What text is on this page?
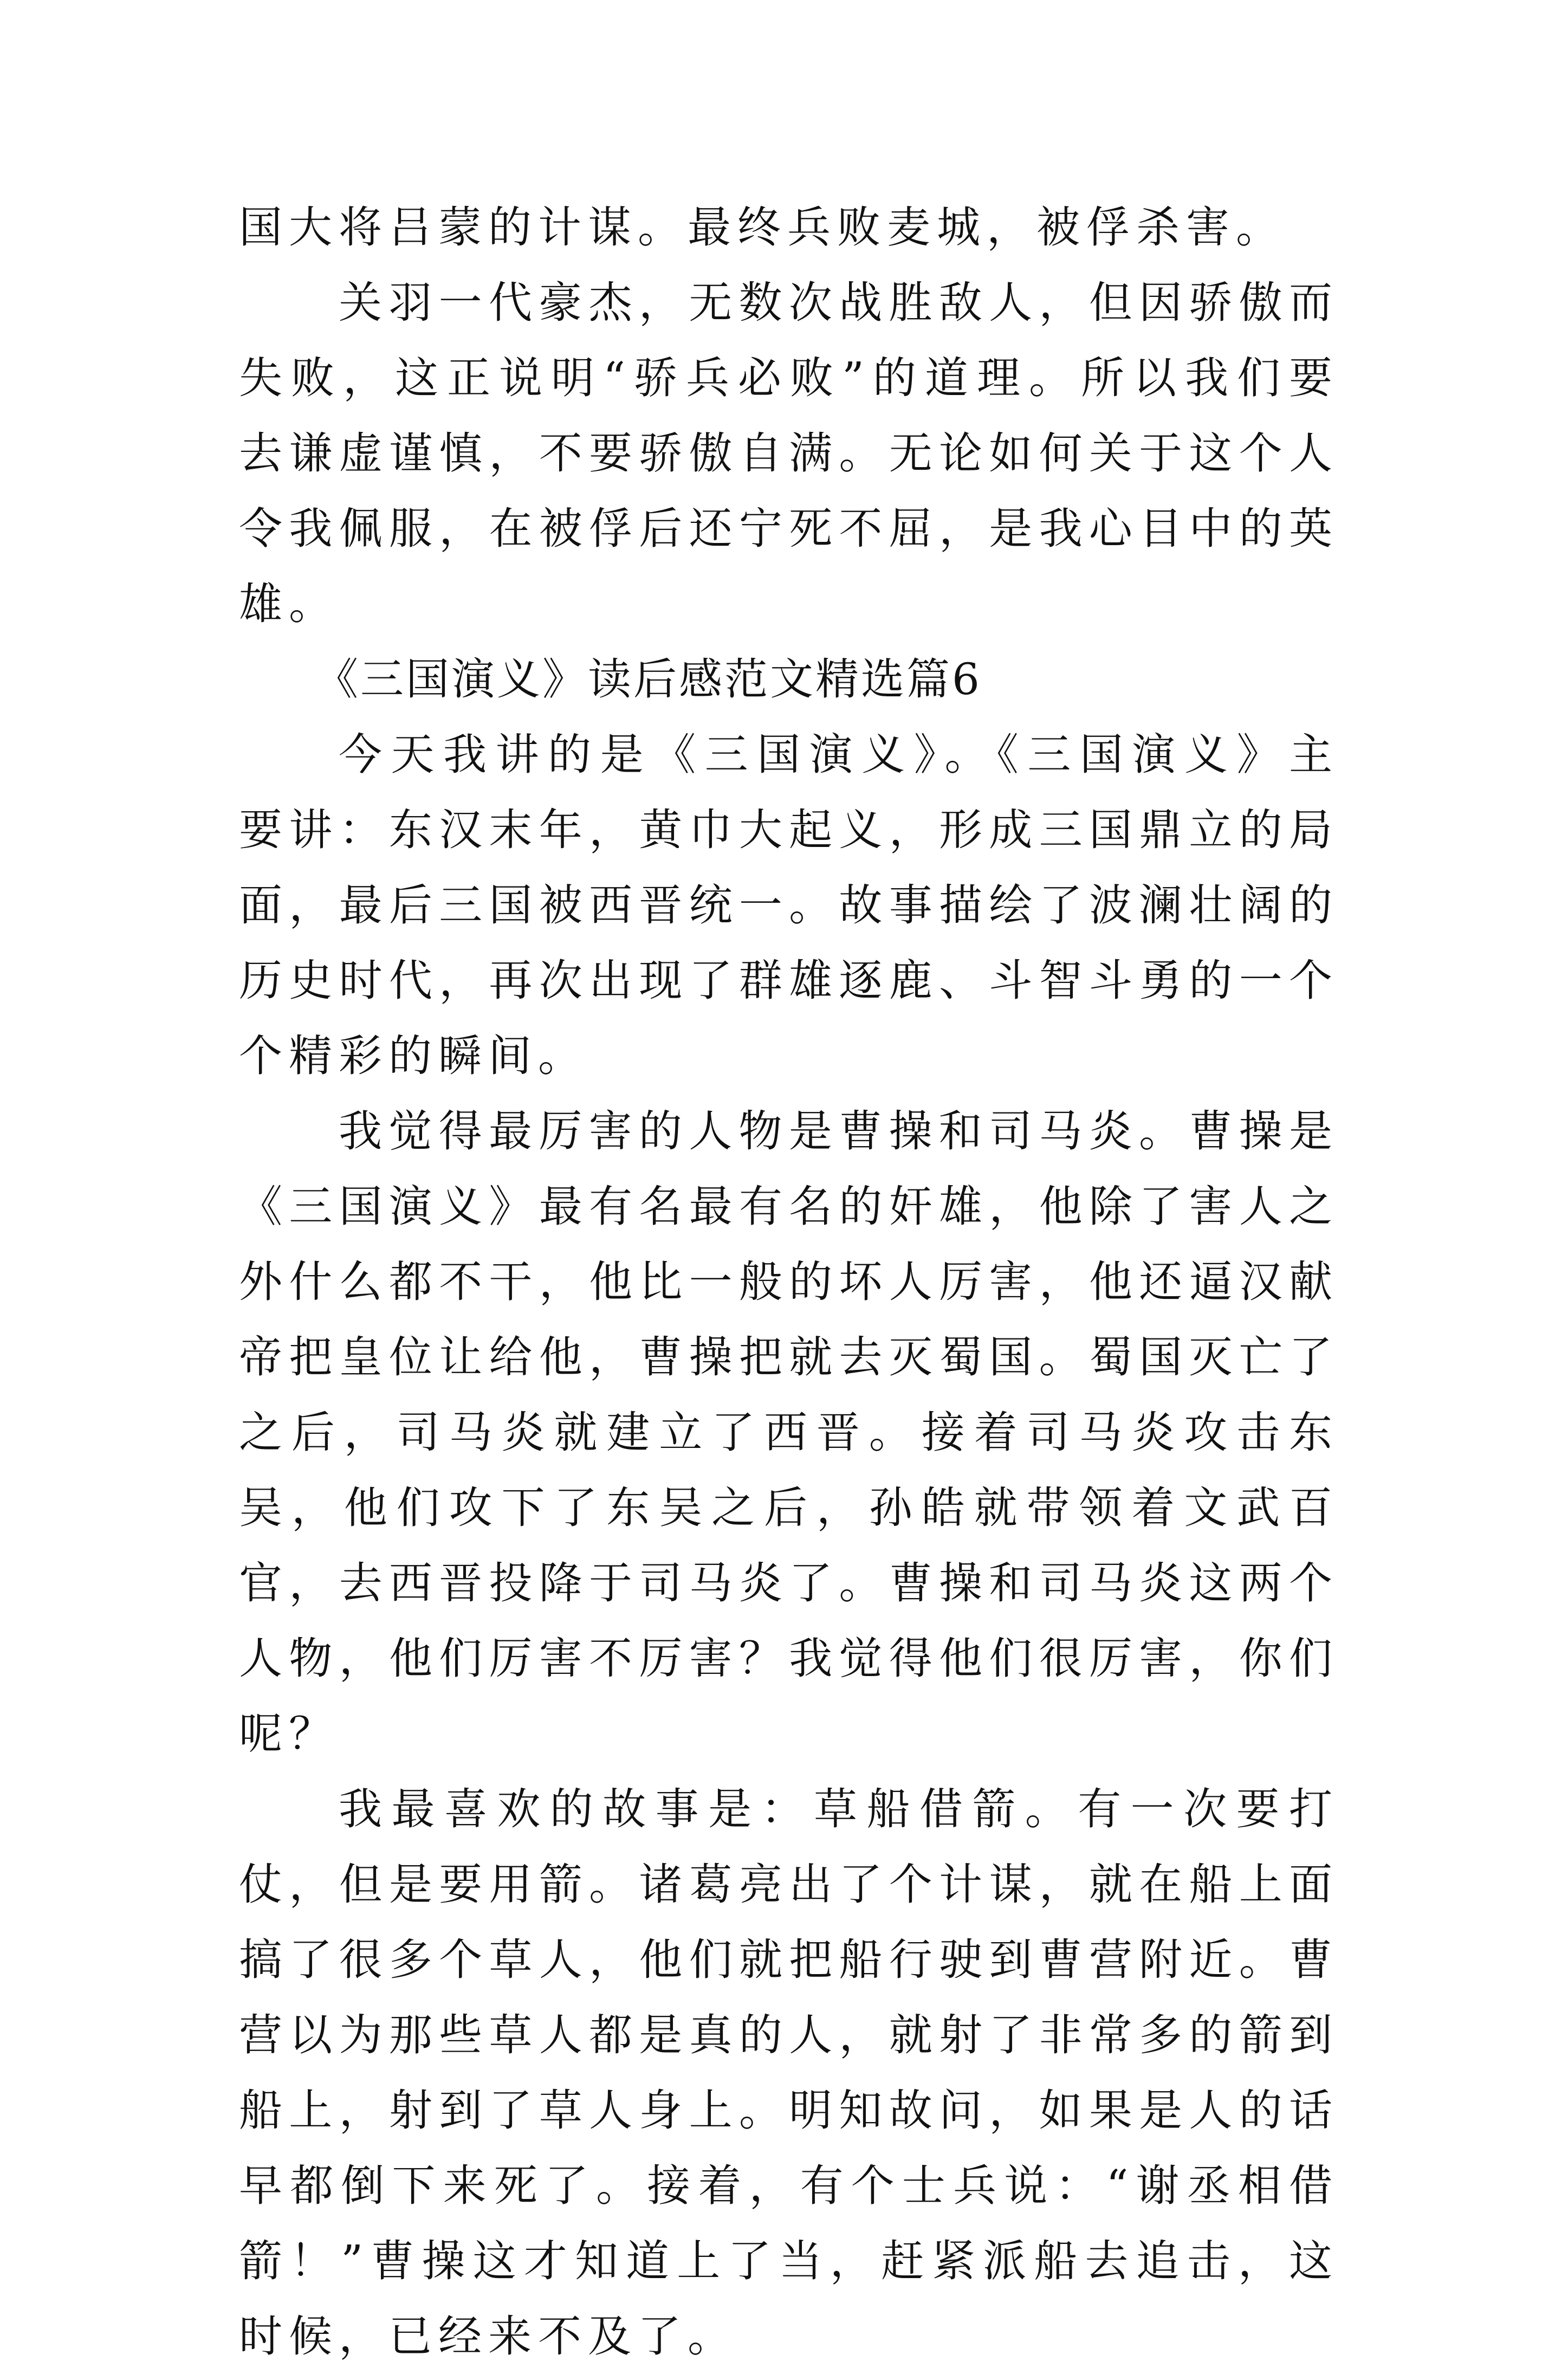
国大将吕蒙的计谋。最终兵败麦城，被俘杀害。

关羽一代豪杰，无数次战胜敌人，但因骄傲而失败，这正说明“骄兵必败”的道理。所以我们要去谦虚谨慎，不要骄傲自满。无论如何关于这个人令我佩服，在被俘后还宁死不屈，是我心目中的英雄。

《三国演义》读后感范文精选篇6

今天我讲的是《三国演义》。《三国演义》主要讲：东汉末年，黄巾大起义，形成三国鼎立的局面，最后三国被西晋统一。故事描绘了波澜壮阔的历史时代，再次出现了群雄逐鹿、斗智斗勇的一个个精彩的瞬间。

我觉得最厉害的人物是曹操和司马炎。曹操是《三国演义》最有名最有名的奸雄，他除了害人之外什么都不干，他比一般的坏人厉害，他还逼汉献帝把皇位让给他，曹操把就去灭蜀国。蜀国灭亡了之后，司马炎就建立了西晋。接着司马炎攻击东吴，他们攻下了东吴之后，孙皓就带领着文武百官，去西晋投降于司马炎了。曹操和司马炎这两个人物，他们厉害不厉害？我觉得他们很厉害，你们呢？

我最喜欢的故事是：草船借箭。有一次要打仗，但是要用箭。诸葛亮出了个计谋，就在船上面搞了很多个草人，他们就把船行驶到曹营附近。曹营以为那些草人都是真的人，就射了非常多的箭到船上，射到了草人身上。明知故问，如果是人的话早都倒下来死了。接着，有个士兵说：“谢丞相借箭！”曹操这才知道上了当，赶紧派船去追击，这时候，已经来不及了。
